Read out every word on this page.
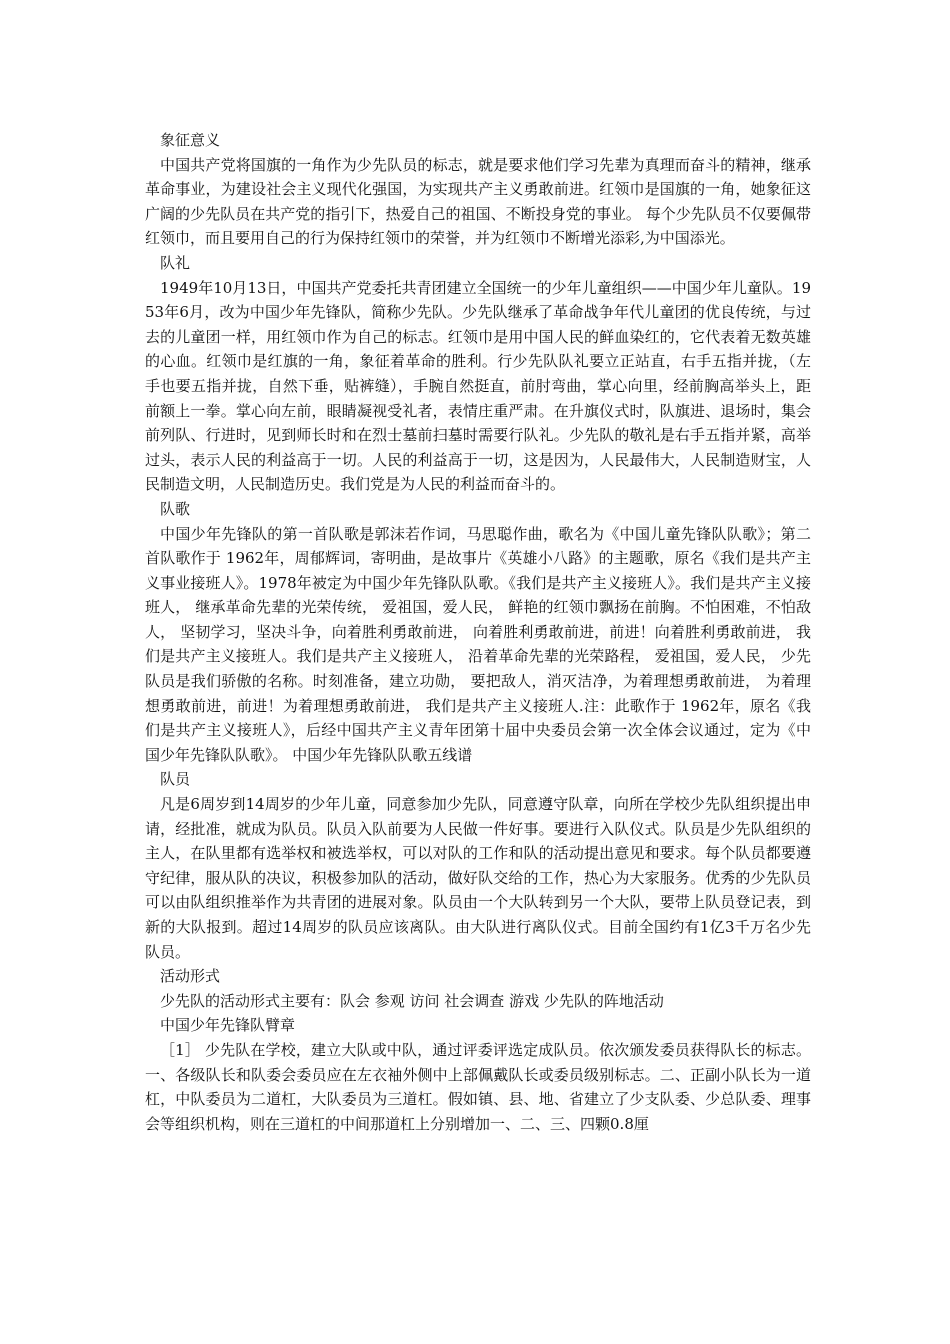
象征意义

中国共产党将国旗的一角作为少先队员的标志，就是要求他们学习先辈为真理而奋斗的精神，继承革命事业，为建设社会主义现代化强国，为实现共产主义勇敢前进。红领巾是国旗的一角，她象征这广阔的少先队员在共产党的指引下，热爱自己的祖国、不断投身党的事业。 每个少先队员不仅要佩带红领巾，而且要用自己的行为保持红领巾的荣誉，并为红领巾不断增光添彩,为中国添光。

队礼

1949年10月13日，中国共产党委托共青团建立全国统一的少年儿童组织——中国少年儿童队。1953年6月，改为中国少年先锋队，简称少先队。少先队继承了革命战争年代儿童团的优良传统，与过去的儿童团一样，用红领巾作为自己的标志。红领巾是用中国人民的鲜血染红的，它代表着无数英雄的心血。红领巾是红旗的一角，象征着革命的胜利。行少先队队礼要立正站直，右手五指并拢，（左手也要五指并拢，自然下垂，贴裤缝），手腕自然挺直，前肘弯曲，掌心向里，经前胸高举头上，距前额上一拳。掌心向左前，眼睛凝视受礼者，表情庄重严肃。在升旗仪式时，队旗进、退场时，集会前列队、行进时，见到师长时和在烈士墓前扫墓时需要行队礼。少先队的敬礼是右手五指并紧，高举过头，表示人民的利益高于一切。人民的利益高于一切，这是因为，人民最伟大，人民制造财宝，人民制造文明，人民制造历史。我们党是为人民的利益而奋斗的。

队歌

中国少年先锋队的第一首队歌是郭沫若作词，马思聪作曲，歌名为《中国儿童先锋队队歌》；第二首队歌作于 1962年，周郁辉词，寄明曲，是故事片《英雄小八路》的主题歌，原名《我们是共产主义事业接班人》。1978年被定为中国少年先锋队队歌。《我们是共产主义接班人》。我们是共产主义接班人， 继承革命先辈的光荣传统， 爱祖国，爱人民， 鲜艳的红领巾飘扬在前胸。不怕困难，不怕敌人， 坚韧学习，坚决斗争，向着胜利勇敢前进， 向着胜利勇敢前进，前进！向着胜利勇敢前进， 我们是共产主义接班人。我们是共产主义接班人， 沿着革命先辈的光荣路程， 爱祖国，爱人民， 少先队员是我们骄傲的名称。时刻准备，建立功勋， 要把敌人，消灭洁净，为着理想勇敢前进， 为着理想勇敢前进，前进！为着理想勇敢前进， 我们是共产主义接班人.注：此歌作于 1962年，原名《我们是共产主义接班人》，后经中国共产主义青年团第十届中央委员会第一次全体会议通过，定为《中国少年先锋队队歌》。 中国少年先锋队队歌五线谱

队员

凡是6周岁到14周岁的少年儿童，同意参加少先队，同意遵守队章，向所在学校少先队组织提出申请，经批准，就成为队员。队员入队前要为人民做一件好事。要进行入队仪式。队员是少先队组织的主人，在队里都有选举权和被选举权，可以对队的工作和队的活动提出意见和要求。每个队员都要遵守纪律，服从队的决议，积极参加队的活动，做好队交给的工作，热心为大家服务。优秀的少先队员可以由队组织推举作为共青团的进展对象。队员由一个大队转到另一个大队，要带上队员登记表，到新的大队报到。超过14周岁的队员应该离队。由大队进行离队仪式。目前全国约有1亿3千万名少先队员。

活动形式

少先队的活动形式主要有：队会 参观 访问 社会调查 游戏 少先队的阵地活动

中国少年先锋队臂章

［1］ 少先队在学校，建立大队或中队，通过评委评选定成队员。依次颁发委员获得队长的标志。一、各级队长和队委会委员应在左衣袖外侧中上部佩戴队长或委员级别标志。二、正副小队长为一道杠，中队委员为二道杠，大队委员为三道杠。假如镇、县、地、省建立了少支队委、少总队委、理事会等组织机构，则在三道杠的中间那道杠上分别增加一、二、三、四颗0.8厘
